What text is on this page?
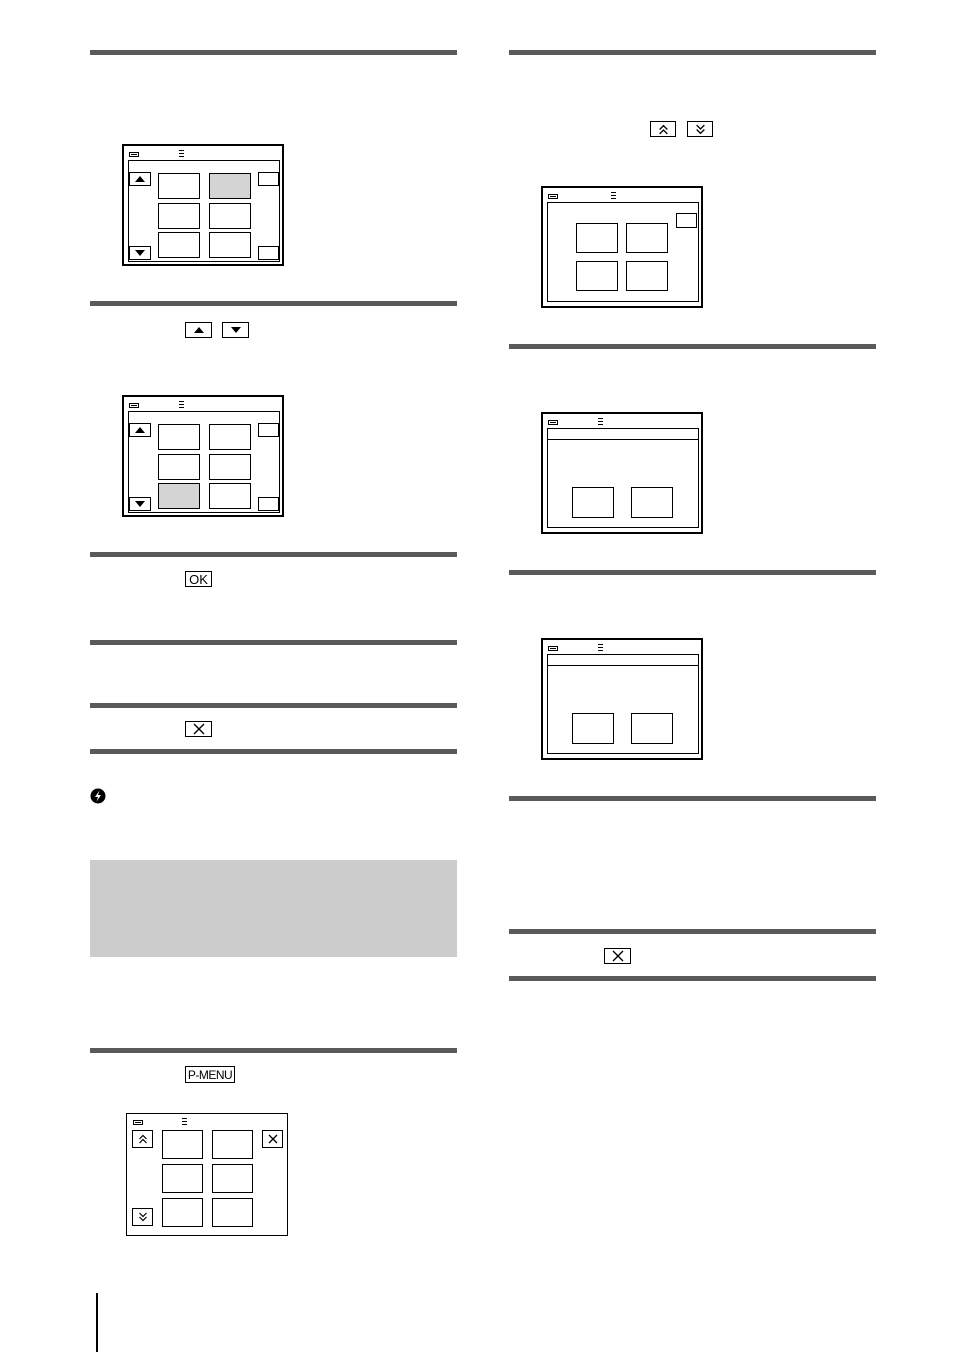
OK
P-MENU
